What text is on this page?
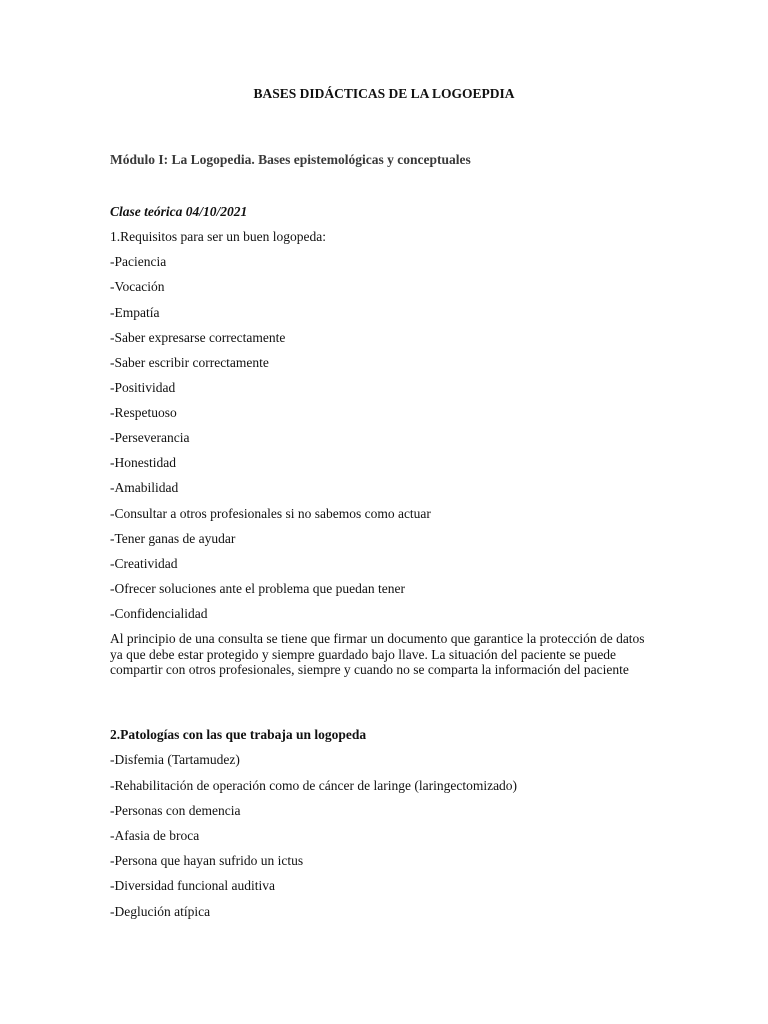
BASES DIDÁCTICAS DE LA LOGOEPDIA
Módulo I: La Logopedia. Bases epistemológicas y conceptuales
Clase teórica 04/10/2021
1.Requisitos para ser un buen logopeda:
-Paciencia
-Vocación
-Empatía
-Saber expresarse correctamente
-Saber escribir correctamente
-Positividad
-Respetuoso
-Perseverancia
-Honestidad
-Amabilidad
-Consultar a otros profesionales si no sabemos como actuar
-Tener ganas de ayudar
-Creatividad
-Ofrecer soluciones ante el problema que puedan tener
-Confidencialidad
Al principio de una consulta se tiene que firmar un documento que garantice la protección de datos ya que debe estar protegido y siempre guardado bajo llave. La situación del paciente se puede compartir con otros profesionales, siempre y cuando no se comparta la información del paciente
2.Patologías con las que trabaja un logopeda
-Disfemia (Tartamudez)
-Rehabilitación de operación como de cáncer de laringe (laringectomizado)
-Personas con demencia
-Afasia de broca
-Persona que hayan sufrido un ictus
-Diversidad funcional auditiva
-Deglución atípica
